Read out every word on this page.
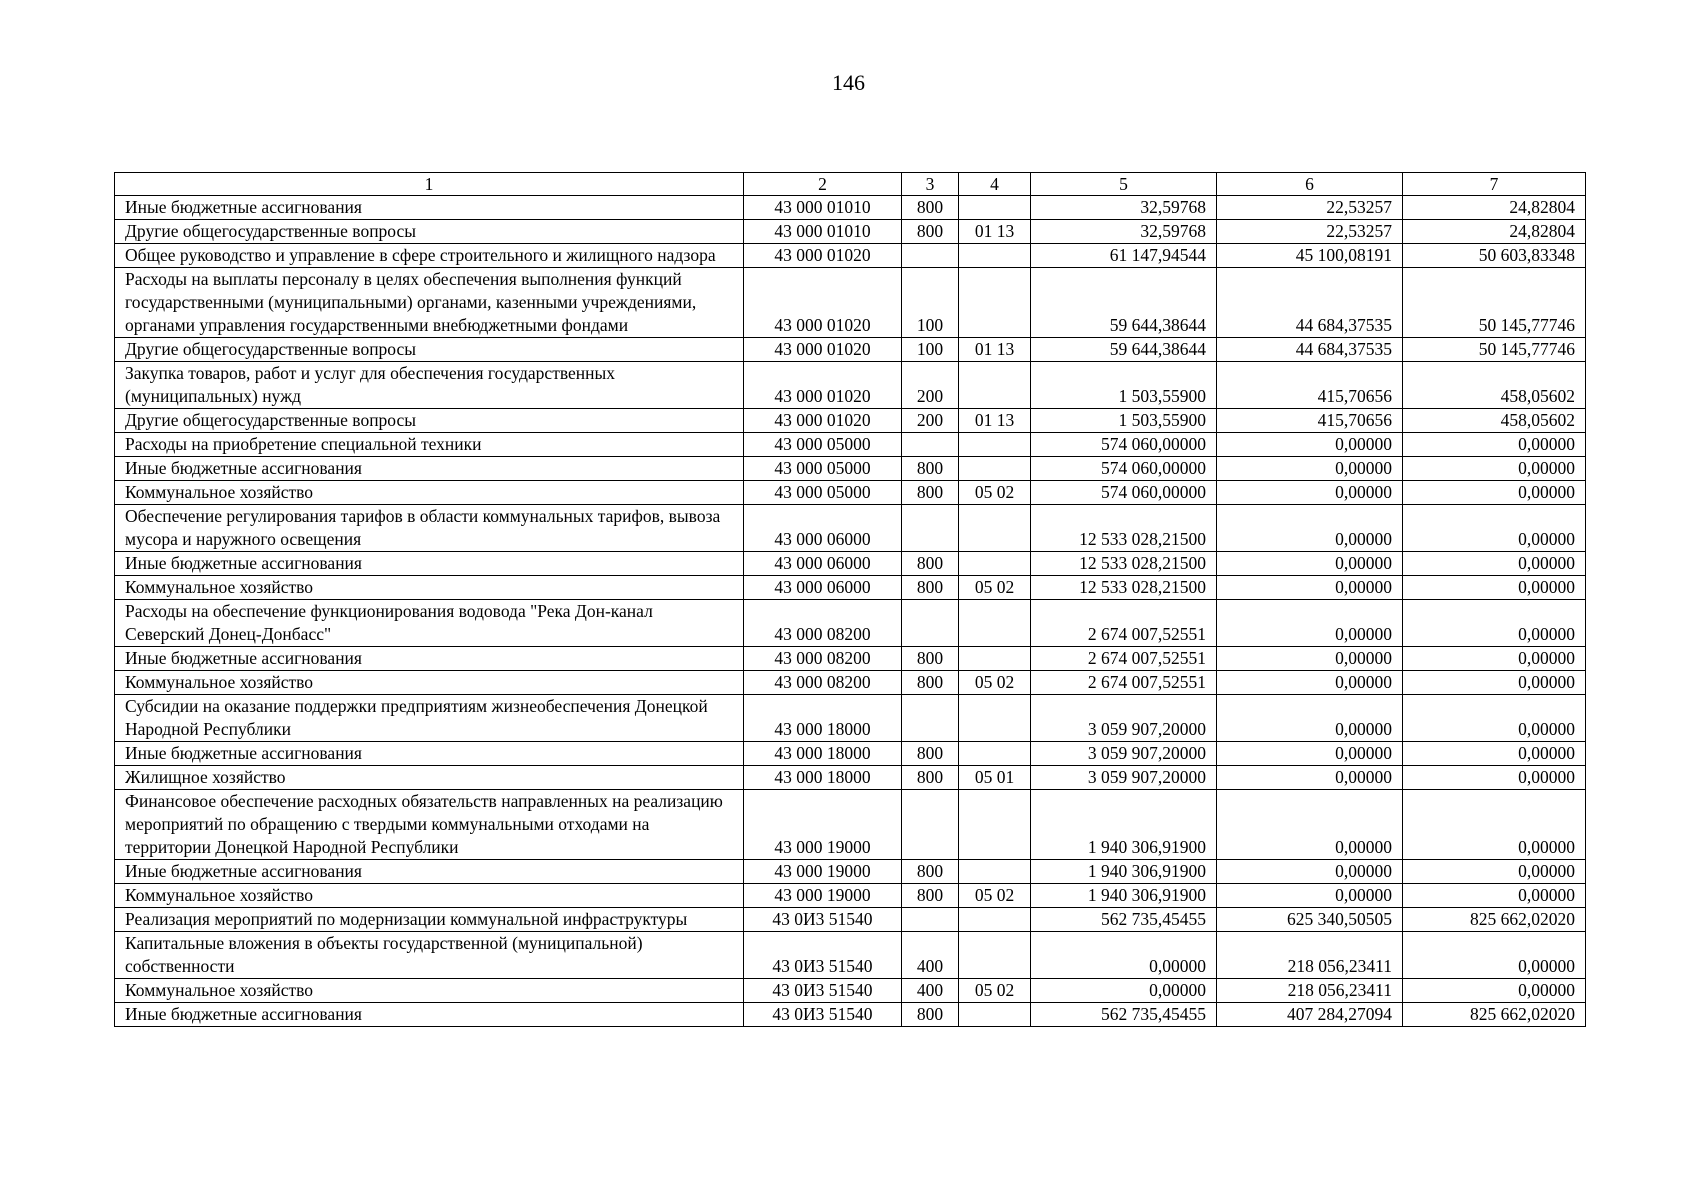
146
1	2	3	4	5	6	7
Иные бюджетные ассигнования	43 000 01010	800		32,59768	22,53257	24,82804
Другие общегосударственные вопросы	43 000 01010	800	01 13	32,59768	22,53257	24,82804
Общее руководство и управление в сфере строительного и жилищного надзора	43 000 01020			61 147,94544	45 100,08191	50 603,83348
Расходы на выплаты персоналу в целях обеспечения выполнения функций государственными (муниципальными) органами, казенными учреждениями, органами управления государственными внебюджетными фондами	43 000 01020	100		59 644,38644	44 684,37535	50 145,77746
Другие общегосударственные вопросы	43 000 01020	100	01 13	59 644,38644	44 684,37535	50 145,77746
Закупка товаров, работ и услуг для обеспечения государственных (муниципальных) нужд	43 000 01020	200		1 503,55900	415,70656	458,05602
Другие общегосударственные вопросы	43 000 01020	200	01 13	1 503,55900	415,70656	458,05602
Расходы на приобретение специальной техники	43 000 05000			574 060,00000	0,00000	0,00000
Иные бюджетные ассигнования	43 000 05000	800		574 060,00000	0,00000	0,00000
Коммунальное хозяйство	43 000 05000	800	05 02	574 060,00000	0,00000	0,00000
Обеспечение регулирования тарифов в области коммунальных тарифов, вывоза мусора и наружного освещения	43 000 06000			12 533 028,21500	0,00000	0,00000
Иные бюджетные ассигнования	43 000 06000	800		12 533 028,21500	0,00000	0,00000
Коммунальное хозяйство	43 000 06000	800	05 02	12 533 028,21500	0,00000	0,00000
Расходы на обеспечение функционирования водовода "Река Дон-канал Северский Донец-Донбасс"	43 000 08200			2 674 007,52551	0,00000	0,00000
Иные бюджетные ассигнования	43 000 08200	800		2 674 007,52551	0,00000	0,00000
Коммунальное хозяйство	43 000 08200	800	05 02	2 674 007,52551	0,00000	0,00000
Субсидии на оказание поддержки предприятиям жизнеобеспечения Донецкой Народной Республики	43 000 18000			3 059 907,20000	0,00000	0,00000
Иные бюджетные ассигнования	43 000 18000	800		3 059 907,20000	0,00000	0,00000
Жилищное хозяйство	43 000 18000	800	05 01	3 059 907,20000	0,00000	0,00000
Финансовое обеспечение расходных обязательств направленных на реализацию мероприятий по обращению с твердыми коммунальными отходами на территории Донецкой Народной Республики	43 000 19000			1 940 306,91900	0,00000	0,00000
Иные бюджетные ассигнования	43 000 19000	800		1 940 306,91900	0,00000	0,00000
Коммунальное хозяйство	43 000 19000	800	05 02	1 940 306,91900	0,00000	0,00000
Реализация мероприятий по модернизации коммунальной инфраструктуры	43 0И3 51540			562 735,45455	625 340,50505	825 662,02020
Капитальные вложения в объекты государственной (муниципальной) собственности	43 0И3 51540	400		0,00000	218 056,23411	0,00000
Коммунальное хозяйство	43 0И3 51540	400	05 02	0,00000	218 056,23411	0,00000
Иные бюджетные ассигнования	43 0И3 51540	800		562 735,45455	407 284,27094	825 662,02020
